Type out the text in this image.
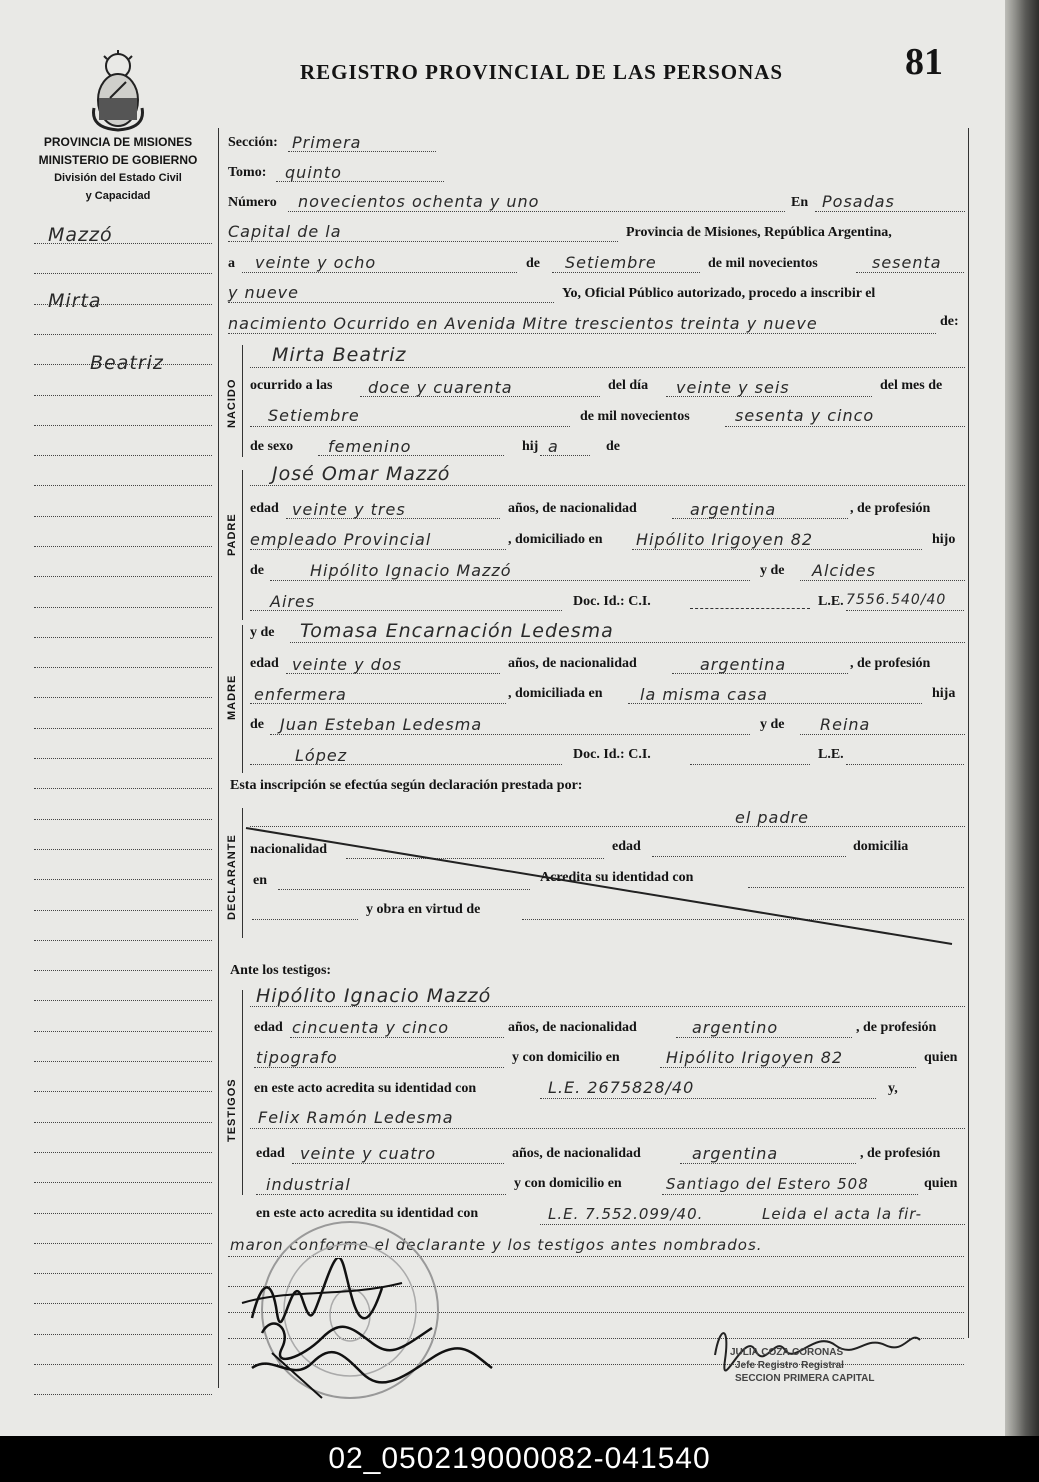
REGISTRO PROVINCIAL DE LAS PERSONAS	81
PROVINCIA DE MISIONES
MINISTERIO DE GOBIERNO
División del Estado Civil
y Capacidad
Mazzó
Mirta
Beatriz
Sección: Primera
Tomo: quinto
Número novecientos ochenta y uno	En Posadas
Capital de la	Provincia de Misiones, República Argentina,
a veinte y ocho	de Setiembre	de mil novecientos	sesenta
y nueve	Yo, Oficial Público autorizado, procedo a inscribir el
nacimiento Ocurrido en Avenida Mitre trescientos treinta y nueve	de:
NACIDO
Mirta Beatriz
ocurrido a las doce y cuarenta	del día veinte y seis	del mes de
Setiembre	de mil novecientos	sesenta y cinco
de sexo femenino	hij a	de
PADRE
José Omar Mazzó
edad veinte y tres	años, de nacionalidad	argentina	, de profesión
empleado Provincial	, domiciliado en Hipólito Irigoyen 82	hijo
de	Hipólito Ignacio Mazzó	y de Alcides
Aires	Doc. Id.: C.I.	L.E. 7556.540/40
MADRE
y de Tomasa Encarnación Ledesma
edad veinte y dos	años, de nacionalidad	argentina	, de profesión
enfermera	, domiciliada en la misma casa	hija
de Juan Esteban Ledesma	y de Reina
López	Doc. Id.: C.I.	L.E.
Esta inscripción se efectúa según declaración prestada por:
DECLARANTE
el padre
nacionalidad	edad	domicilia
en	Acredita su identidad con
y obra en virtud de
Ante los testigos:
TESTIGOS
Hipólito Ignacio Mazzó
edad cincuenta y cinco	años, de nacionalidad	argentino	, de profesión
tipografo	y con domicilio en	Hipólito Irigoyen 82	quien
en este acto acredita su identidad con	L.E. 2675828/40	y,
Felix Ramón Ledesma
edad veinte y cuatro	años, de nacionalidad	argentina	, de profesión
industrial	y con domicilio en	Santiago del Estero 508	quien
en este acto acredita su identidad con	L.E. 7.552.099/40.	Leida el acta la fir-
maron conforme el declarante y los testigos antes nombrados.
JULIA COZA CORONAS
Jefe Registro Registral
SECCION PRIMERA CAPITAL
02_050219000082-041540
